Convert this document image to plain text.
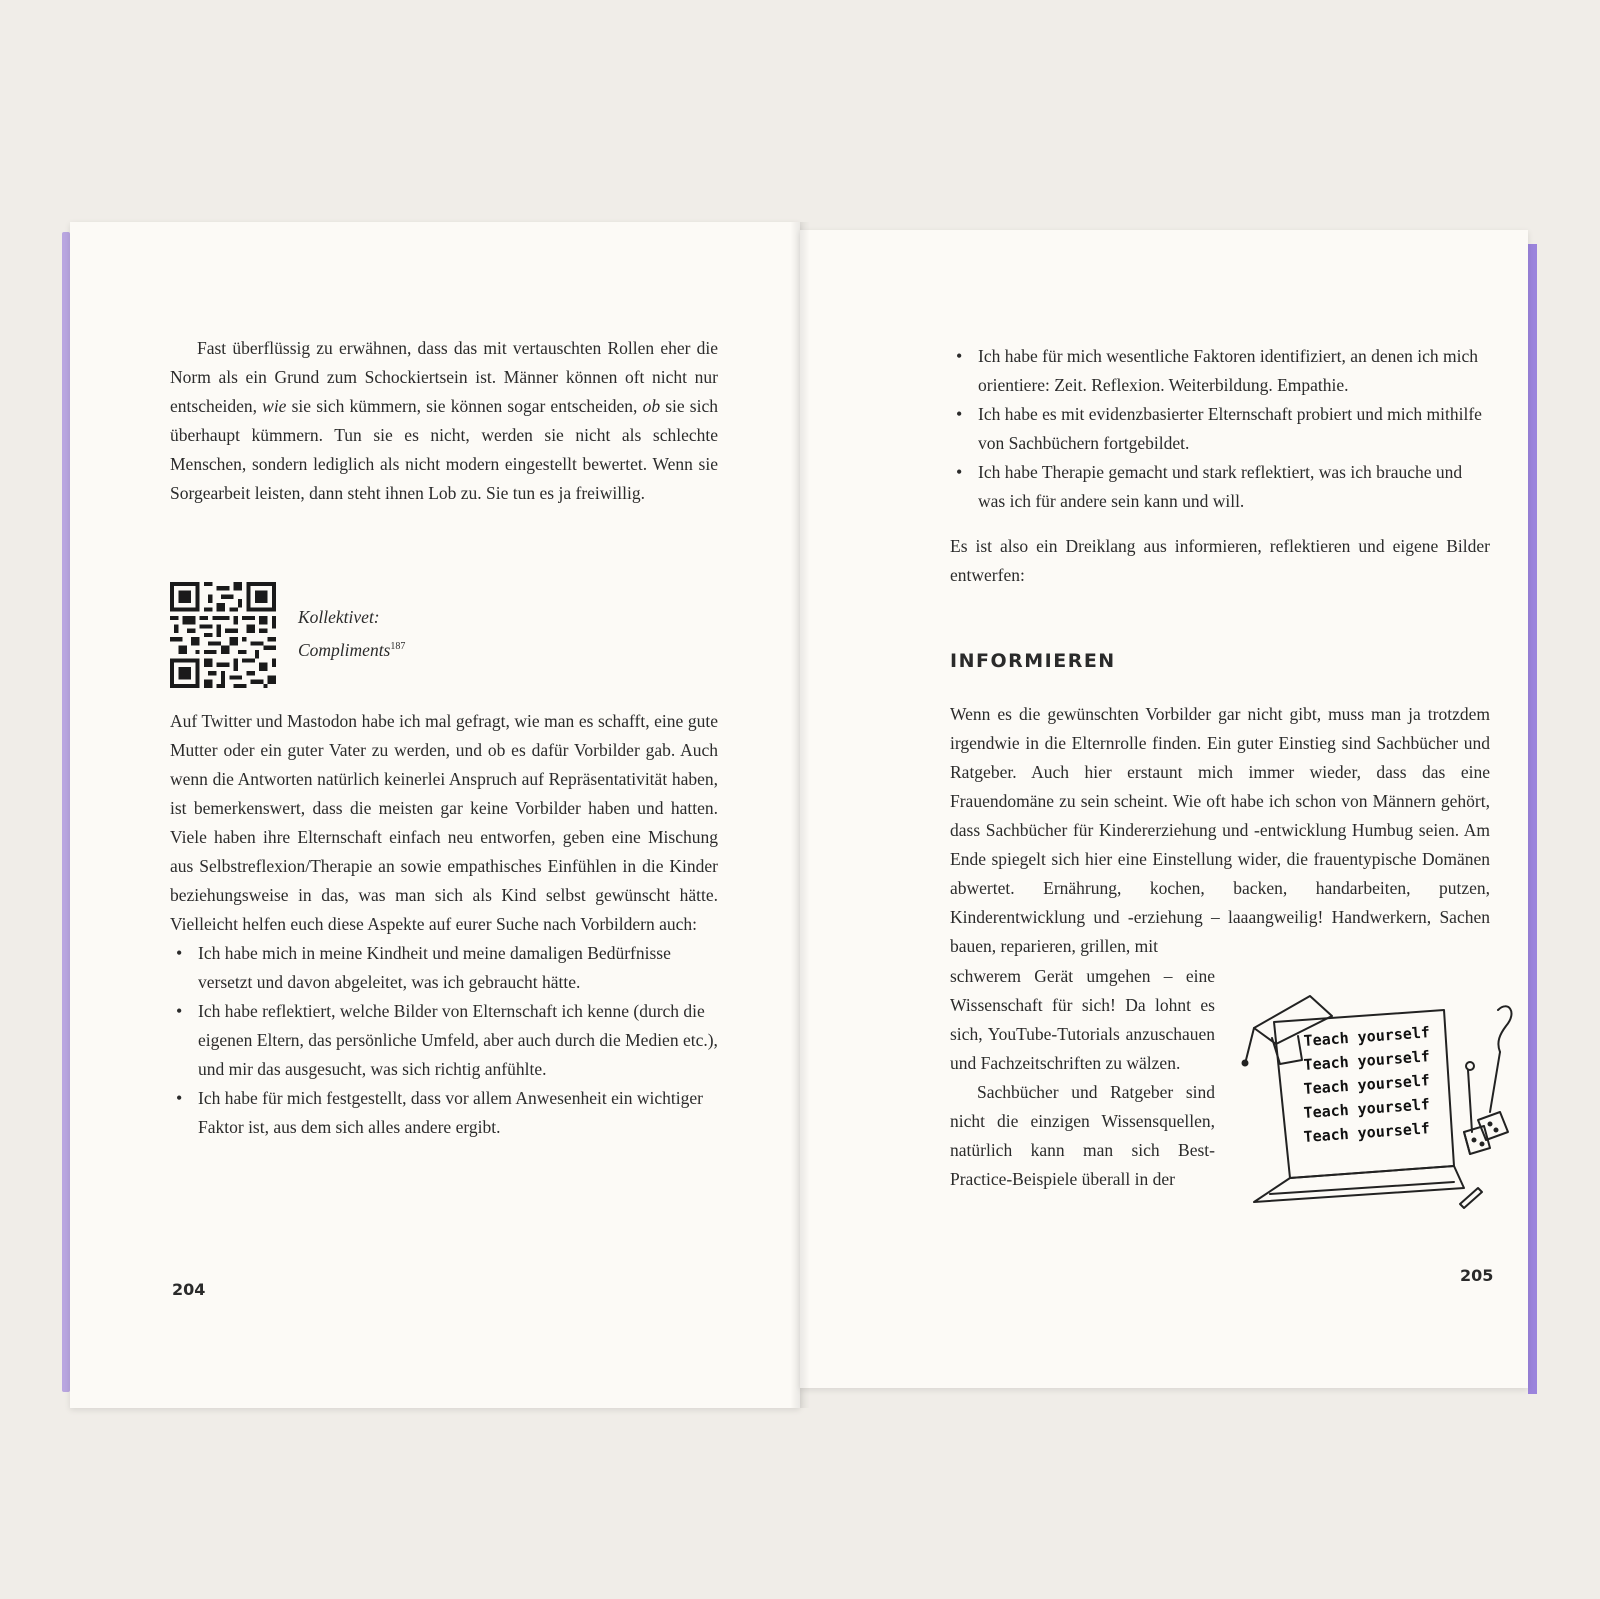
Fast überflüssig zu erwähnen, dass das mit vertauschten Rollen eher die Norm als ein Grund zum Schockiertsein ist. Männer können oft nicht nur entscheiden, wie sie sich kümmern, sie können sogar entscheiden, ob sie sich überhaupt kümmern. Tun sie es nicht, werden sie nicht als schlechte Menschen, sondern lediglich als nicht modern eingestellt bewertet. Wenn sie Sorgearbeit leisten, dann steht ihnen Lob zu. Sie tun es ja freiwillig.

Kollektivet:
Compliments$^{187}$

Auf Twitter und Mastodon habe ich mal gefragt, wie man es schafft, eine gute Mutter oder ein guter Vater zu werden, und ob es dafür Vorbilder gab. Auch wenn die Antworten natürlich keinerlei Anspruch auf Repräsentativität haben, ist bemerkenswert, dass die meisten gar keine Vorbilder haben und hatten. Viele haben ihre Elternschaft einfach neu entworfen, geben eine Mischung aus Selbstreflexion/Therapie an sowie empathisches Einfühlen in die Kinder beziehungsweise in das, was man sich als Kind selbst gewünscht hätte. Vielleicht helfen euch diese Aspekte auf eurer Suche nach Vorbildern auch:

• Ich habe mich in meine Kindheit und meine damaligen Bedürfnisse versetzt und davon abgeleitet, was ich gebraucht hätte.
• Ich habe reflektiert, welche Bilder von Elternschaft ich kenne (durch die eigenen Eltern, das persönliche Umfeld, aber auch durch die Medien etc.), und mir das ausgesucht, was sich richtig anfühlte.
• Ich habe für mich festgestellt, dass vor allem Anwesenheit ein wichtiger Faktor ist, aus dem sich alles andere ergibt.
204
• Ich habe für mich wesentliche Faktoren identifiziert, an denen ich mich orientiere: Zeit. Reflexion. Weiterbildung. Empathie.
• Ich habe es mit evidenzbasierter Elternschaft probiert und mich mithilfe von Sachbüchern fortgebildet.
• Ich habe Therapie gemacht und stark reflektiert, was ich brauche und was ich für andere sein kann und will.

Es ist also ein Dreiklang aus informieren, reflektieren und eigene Bilder entwerfen:

INFORMIEREN

Wenn es die gewünschten Vorbilder gar nicht gibt, muss man ja trotzdem irgendwie in die Elternrolle finden. Ein guter Einstieg sind Sachbücher und Ratgeber. Auch hier erstaunt mich immer wieder, dass das eine Frauendomäne zu sein scheint. Wie oft habe ich schon von Männern gehört, dass Sachbücher für Kindererziehung und -entwicklung Humbug seien. Am Ende spiegelt sich hier eine Einstellung wider, die frauentypische Domänen abwertet. Ernährung, kochen, backen, handarbeiten, putzen, Kinderentwicklung und -erziehung – laaangweilig! Handwerkern, Sachen bauen, reparieren, grillen, mit

schwerem Gerät umgehen – eine Wissenschaft für sich! Da lohnt es sich, YouTube-Tutorials anzuschauen und Fachzeitschriften zu wälzen.

Sachbücher und Ratgeber sind nicht die einzigen Wissensquellen, natürlich kann man sich Best-Practice-Beispiele überall in der

Teach yourself
Teach yourself
Teach yourself
Teach yourself
Teach yourself
205
